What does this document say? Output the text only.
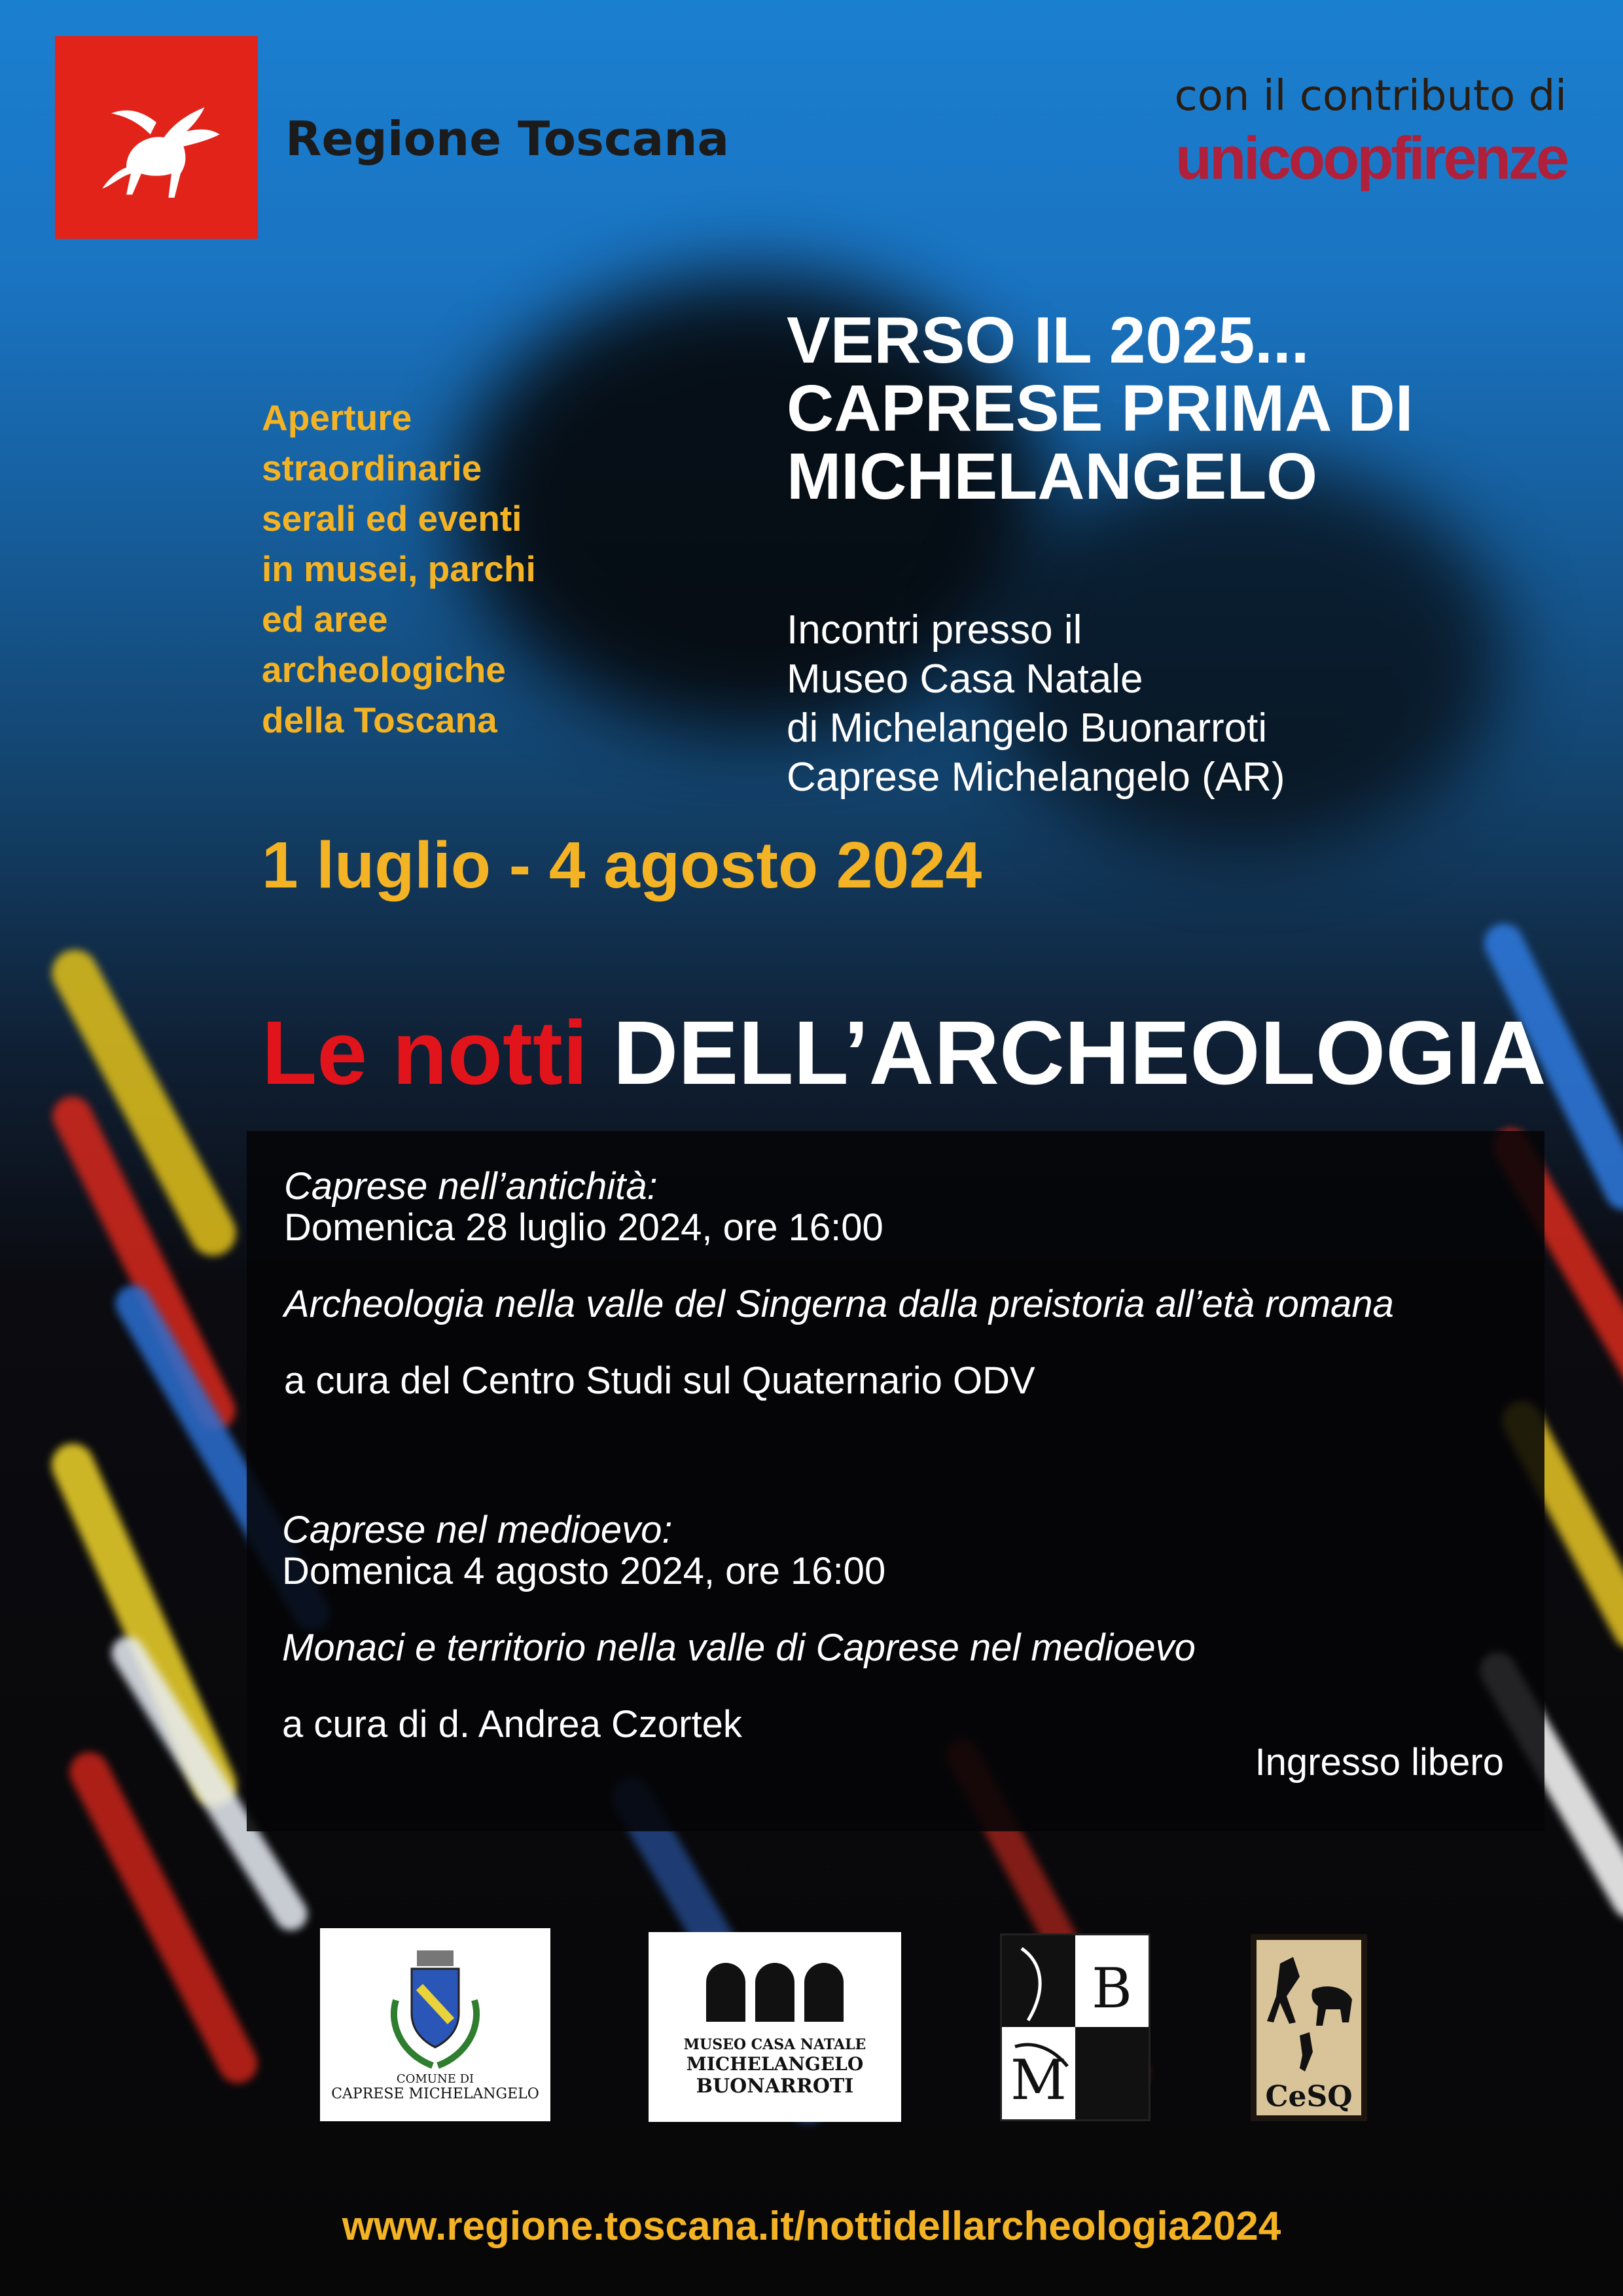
Regione Toscana
con il contributo di
unicoopfirenze
Aperture
straordinarie
serali ed eventi
in musei, parchi
ed aree
archeologiche
della Toscana
VERSO IL 2025...
CAPRESE PRIMA DI
MICHELANGELO
Incontri presso il
Museo Casa Natale
di Michelangelo Buonarroti
Caprese Michelangelo (AR)
1 luglio - 4 agosto 2024
Le notti DELL’ARCHEOLOGIA
Caprese nell’antichità:
Domenica 28 luglio 2024, ore 16:00
Archeologia nella valle del Singerna dalla preistoria all’età romana
a cura del Centro Studi sul Quaternario ODV
Caprese nel medioevo:
Domenica 4 agosto 2024, ore 16:00
Monaci e territorio nella valle di Caprese nel medioevo
a cura di d. Andrea Czortek
Ingresso libero
COMUNE DI
CAPRESE MICHELANGELO
MUSEO CASA NATALE
MICHELANGELO
BUONARROTI
B
M	CeSQ
www.regione.toscana.it/nottidellarcheologia2024
